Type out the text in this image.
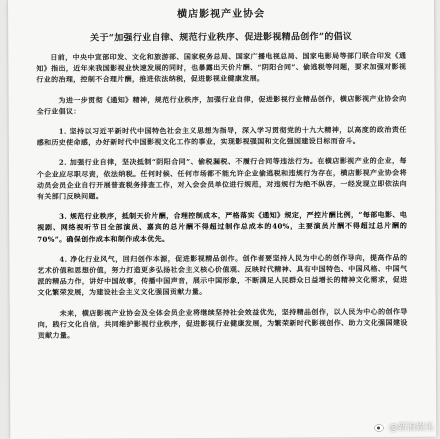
横店影视产业协会
关于“加强行业自律、规范行业秩序、促进影视精品创作”的倡议

日前，中央中宣部印发、文化和旅游部、国家税务总局、国家广播电视总局、国家电影局等部门联合印发《通知》指出，近年来我国影视业快速发展的同时，也暴露出天价片酬、“阴阳合同”、偷逃税等问题，要求加强对影视行业的治理，控制不合理片酬，推进依法纳税，促进影视业健康发展。

为进一步贯彻《通知》精神，规范行业秩序，加强行业自律，促进影视行业精品创作，横店影视产业协会向全行业倡议：

1. 坚持以习近平新时代中国特色社会主义思想为指导，深入学习贯彻党的十九大精神，以高度的政治责任感和历史使命感，办好新时代中国影视文化工作的事业，实现影视强国和文化强国建设目标而奋斗。

2. 加强行业自律，坚决抵制“阴阳合同”、偷税漏税、不履行合同等违法行为。在横店影视产业的企业，每个企业应尽职尽责，依法纳税。任何时候、任何市场都不能允许企业偷逃税和违规行为存在，横店影视产业协会将动员会员企业自行开展普查税务排查工作，对入会会员单位进行规范，对违规行为绝不纵容，一经发现立即依法向有关部门反映问题。

3. 规范行业秩序，抵制天价片酬，合理控制成本，严格落实《通知》规定，严控片酬比例，“每部电影、电视剧、网络视听节目全部演员、嘉宾的总片酬不得超过制作总成本的40%，主要演员片酬不得超过总片酬的70%”。确保创作成本和制作成本优先。

4. 净化行业风气，回归创作本源，促进影视精品创作。创作者要坚持人民为中心的创作导向，提高作品的艺术价值和思想价值，努力打造更多弘扬社会主义核心价值观、反映时代精神、具有中国特色、中国风格、中国气派的精品力作，讲好中国故事，传播中国声音，展示中国形象，不断满足人民群众日益增长的精神文化需求，促进文化繁荣发展，为建设社会主义文化强国贡献力量。

未来，横店影视产业协会及全体会员企业将继续坚持社会效益优先，坚持精品创作，以人民为中心的创作导向，践行文化自信，共同维护影视行业秩序，促进影视行业健康发展，为繁荣新时代影视创作、助力文化强国建设贡献力量。

@新浪娱乐
